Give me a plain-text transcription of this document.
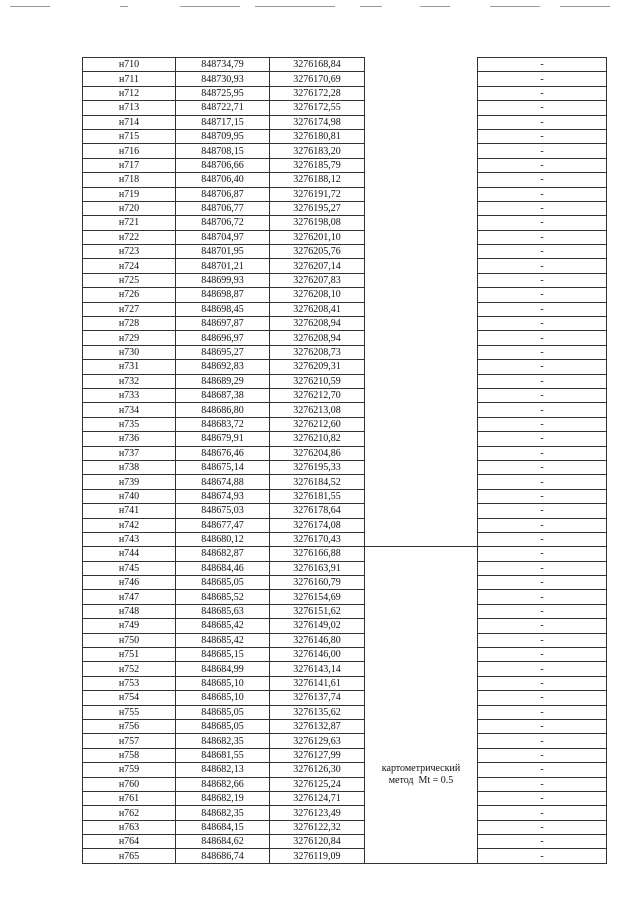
н710	848734,79	3276168,84		-
н711	848730,93	3276170,69		-
н712	848725,95	3276172,28		-
н713	848722,71	3276172,55		-
н714	848717,15	3276174,98		-
н715	848709,95	3276180,81		-
н716	848708,15	3276183,20		-
н717	848706,66	3276185,79		-
н718	848706,40	3276188,12		-
н719	848706,87	3276191,72		-
н720	848706,77	3276195,27		-
н721	848706,72	3276198,08		-
н722	848704,97	3276201,10		-
н723	848701,95	3276205,76		-
н724	848701,21	3276207,14		-
н725	848699,93	3276207,83		-
н726	848698,87	3276208,10		-
н727	848698,45	3276208,41		-
н728	848697,87	3276208,94		-
н729	848696,97	3276208,94		-
н730	848695,27	3276208,73		-
н731	848692,83	3276209,31		-
н732	848689,29	3276210,59		-
н733	848687,38	3276212,70		-
н734	848686,80	3276213,08		-
н735	848683,72	3276212,60		-
н736	848679,91	3276210,82		-
н737	848676,46	3276204,86		-
н738	848675,14	3276195,33		-
н739	848674,88	3276184,52		-
н740	848674,93	3276181,55		-
н741	848675,03	3276178,64		-
н742	848677,47	3276174,08		-
н743	848680,12	3276170,43		-
н744	848682,87	3276166,88	картометрический
метод  Mt = 0.5	-
н745	848684,46	3276163,91		-
н746	848685,05	3276160,79		-
н747	848685,52	3276154,69		-
н748	848685,63	3276151,62		-
н749	848685,42	3276149,02		-
н750	848685,42	3276146,80		-
н751	848685,15	3276146,00		-
н752	848684,99	3276143,14		-
н753	848685,10	3276141,61		-
н754	848685,10	3276137,74		-
н755	848685,05	3276135,62		-
н756	848685,05	3276132,87		-
н757	848682,35	3276129,63		-
н758	848681,55	3276127,99		-
н759	848682,13	3276126,30		-
н760	848682,66	3276125,24		-
н761	848682,19	3276124,71		-
н762	848682,35	3276123,49		-
н763	848684,15	3276122,32		-
н764	848684,62	3276120,84		-
н765	848686,74	3276119,09		-
